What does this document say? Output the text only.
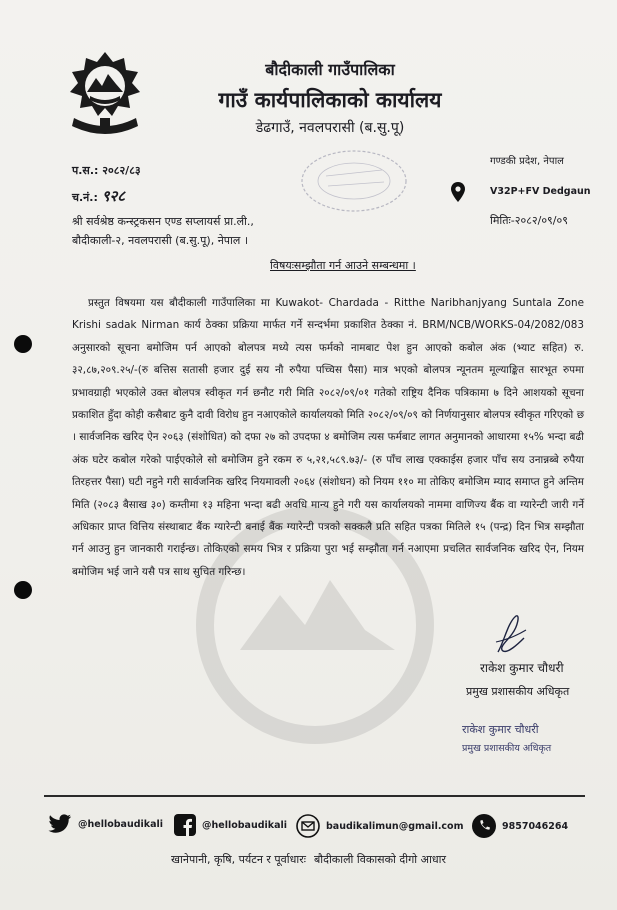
बौदीकाली गाउँपालिका
गाउँ कार्यपालिकाको कार्यालय
डेढगाउँ, नवलपरासी (ब.सु.पू)
गण्डकी प्रदेश, नेपाल
V32P+FV Dedgaun
प.स.: २०८२/८३
च.नं.: ९२८
मितिः-२०८२/०९/०९
श्री सर्वश्रेष्ठ कन्स्ट्रकसन एण्ड सप्लायर्स प्रा.ली.,
बौदीकाली-२, नवलपरासी (ब.सु.पू), नेपाल ।
विषयःसम्झौता गर्न आउने सम्बन्धमा ।
प्रस्तुत विषयमा यस बौदीकाली गाउँपालिका मा Kuwakot- Chardada - Ritthe Naribhanjyang Suntala Zone Krishi sadak Nirman कार्य ठेक्का प्रक्रिया मार्फत गर्ने सन्दर्भमा प्रकाशित ठेक्का नं. BRM/NCB/WORKS-04/2082/083 अनुसारको सूचना बमोजिम पर्न आएको बोलपत्र मध्ये त्यस फर्मको नामबाट पेश हुन आएको कबोल अंक (भ्याट सहित) रु. ३२,८७,२०९.२५/-(रु बत्तिस सतासी हजार दुई सय नौ रुपैया पच्चिस पैसा) मात्र भएको बोलपत्र न्यूनतम मूल्याङ्कित सारभूत रुपमा प्रभावग्राही भएकोले उक्त बोलपत्र स्वीकृत गर्न छनौट गरी मिति २०८२/०९/०१ गतेको राष्ट्रिय दैनिक पत्रिकामा ७ दिने आशयको सूचना प्रकाशित हुँदा कोही कसैबाट कुनै दावी विरोध हुन नआएकोले कार्यालयको मिति २०८२/०९/०९ को निर्णयानुसार बोलपत्र स्वीकृत गरिएको छ । सार्वजनिक खरिद ऐन २०६३ (संशोधित) को दफा २७ को उपदफा ४ बमोजिम त्यस फर्मबाट लागत अनुमानको आधारमा १५% भन्दा बढी अंक घटेर कबोल गरेको पाईएकोले सो बमोजिम हुने रकम रु ५,२१,५८९.७३/- (रु पाँच लाख एक्काईस हजार पाँच सय उनान्नब्बे रुपैया तिरहत्तर पैसा) घटी नहुने गरी सार्वजनिक खरिद नियमावली २०६४ (संशोधन) को नियम ११० मा तोकिए बमोजिम म्याद समाप्त हुने अन्तिम मिति (२०८३ बैसाख ३०) कम्तीमा १३ महिना भन्दा बढी अवधि मान्य हुने गरी यस कार्यालयको नाममा वाणिज्य बैंक वा ग्यारेन्टी जारी गर्ने अधिकार प्राप्त वित्तिय संस्थाबाट बैंक ग्यारेन्टी बनाई बैंक ग्यारेन्टी पत्रको सक्कलै प्रति सहित पत्रका मितिले १५ (पन्द्र) दिन भित्र सम्झौता गर्न आउनु हुन जानकारी गराईन्छ। तोकिएको समय भित्र र प्रक्रिया पुरा भई सम्झौता गर्न नआएमा प्रचलित सार्वजनिक खरिद ऐन, नियम बमोजिम भई जाने यसै पत्र साथ सुचित गरिन्छ।
राकेश कुमार चौधरी
प्रमुख प्रशासकीय अधिकृत
राकेश कुमार चौधरी
प्रमुख प्रशासकीय अधिकृत
@hellobaudikali	@hellobaudikali	baudikalimun@gmail.com	9857046264
खानेपानी, कृषि, पर्यटन र पूर्वाधारः बौदीकाली विकासको दीगो आधार
